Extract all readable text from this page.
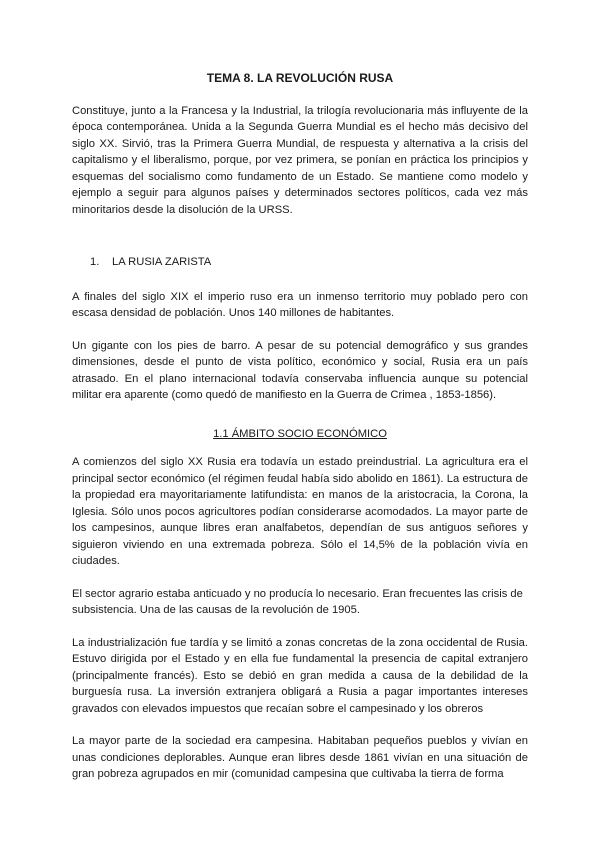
TEMA 8. LA REVOLUCIÓN RUSA

Constituye, junto a la Francesa y la Industrial, la trilogía revolucionaria más influyente de la época contemporánea. Unida a la Segunda Guerra Mundial es el hecho más decisivo del siglo XX. Sirvió, tras la Primera Guerra Mundial, de respuesta y alternativa a la crisis del capitalismo y el liberalismo, porque, por vez primera, se ponían en práctica los principios y esquemas del socialismo como fundamento de un Estado. Se mantiene como modelo y ejemplo a seguir para algunos países y determinados sectores políticos, cada vez más minoritarios desde la disolución de la URSS.

1. LA RUSIA ZARISTA

A finales del siglo XIX el imperio ruso era un inmenso territorio muy poblado pero con escasa densidad de población. Unos 140 millones de habitantes.

Un gigante con los pies de barro. A pesar de su potencial demográfico y sus grandes dimensiones, desde el punto de vista político, económico y social, Rusia era un país atrasado. En el plano internacional todavía conservaba influencia aunque su potencial militar era aparente (como quedó de manifiesto en la Guerra de Crimea , 1853-1856).

1.1 ÁMBITO SOCIO ECONÓMICO

A comienzos del siglo XX Rusia era todavía un estado preindustrial. La agricultura era el principal sector económico (el régimen feudal había sido abolido en 1861). La estructura de la propiedad era mayoritariamente latifundista: en manos de la aristocracia, la Corona, la Iglesia. Sólo unos pocos agricultores podían considerarse acomodados. La mayor parte de los campesinos, aunque libres eran analfabetos, dependían de sus antiguos señores y siguieron viviendo en una extremada pobreza. Sólo el 14,5% de la población vivía en ciudades.

El sector agrario estaba anticuado y no producía lo necesario. Eran frecuentes las crisis de subsistencia. Una de las causas de la revolución de 1905.

La industrialización fue tardía y se limitó a zonas concretas de la zona occidental de Rusia. Estuvo dirigida por el Estado y en ella fue fundamental la presencia de capital extranjero (principalmente francés). Esto se debió en gran medida a causa de la debilidad de la burguesía rusa. La inversión extranjera obligará a Rusia a pagar importantes intereses gravados con elevados impuestos que recaían sobre el campesinado y los obreros

La mayor parte de la sociedad era campesina. Habitaban pequeños pueblos y vivían en unas condiciones deplorables. Aunque eran libres desde 1861 vivían en una situación de gran pobreza agrupados en mir (comunidad campesina que cultivaba la tierra de forma
